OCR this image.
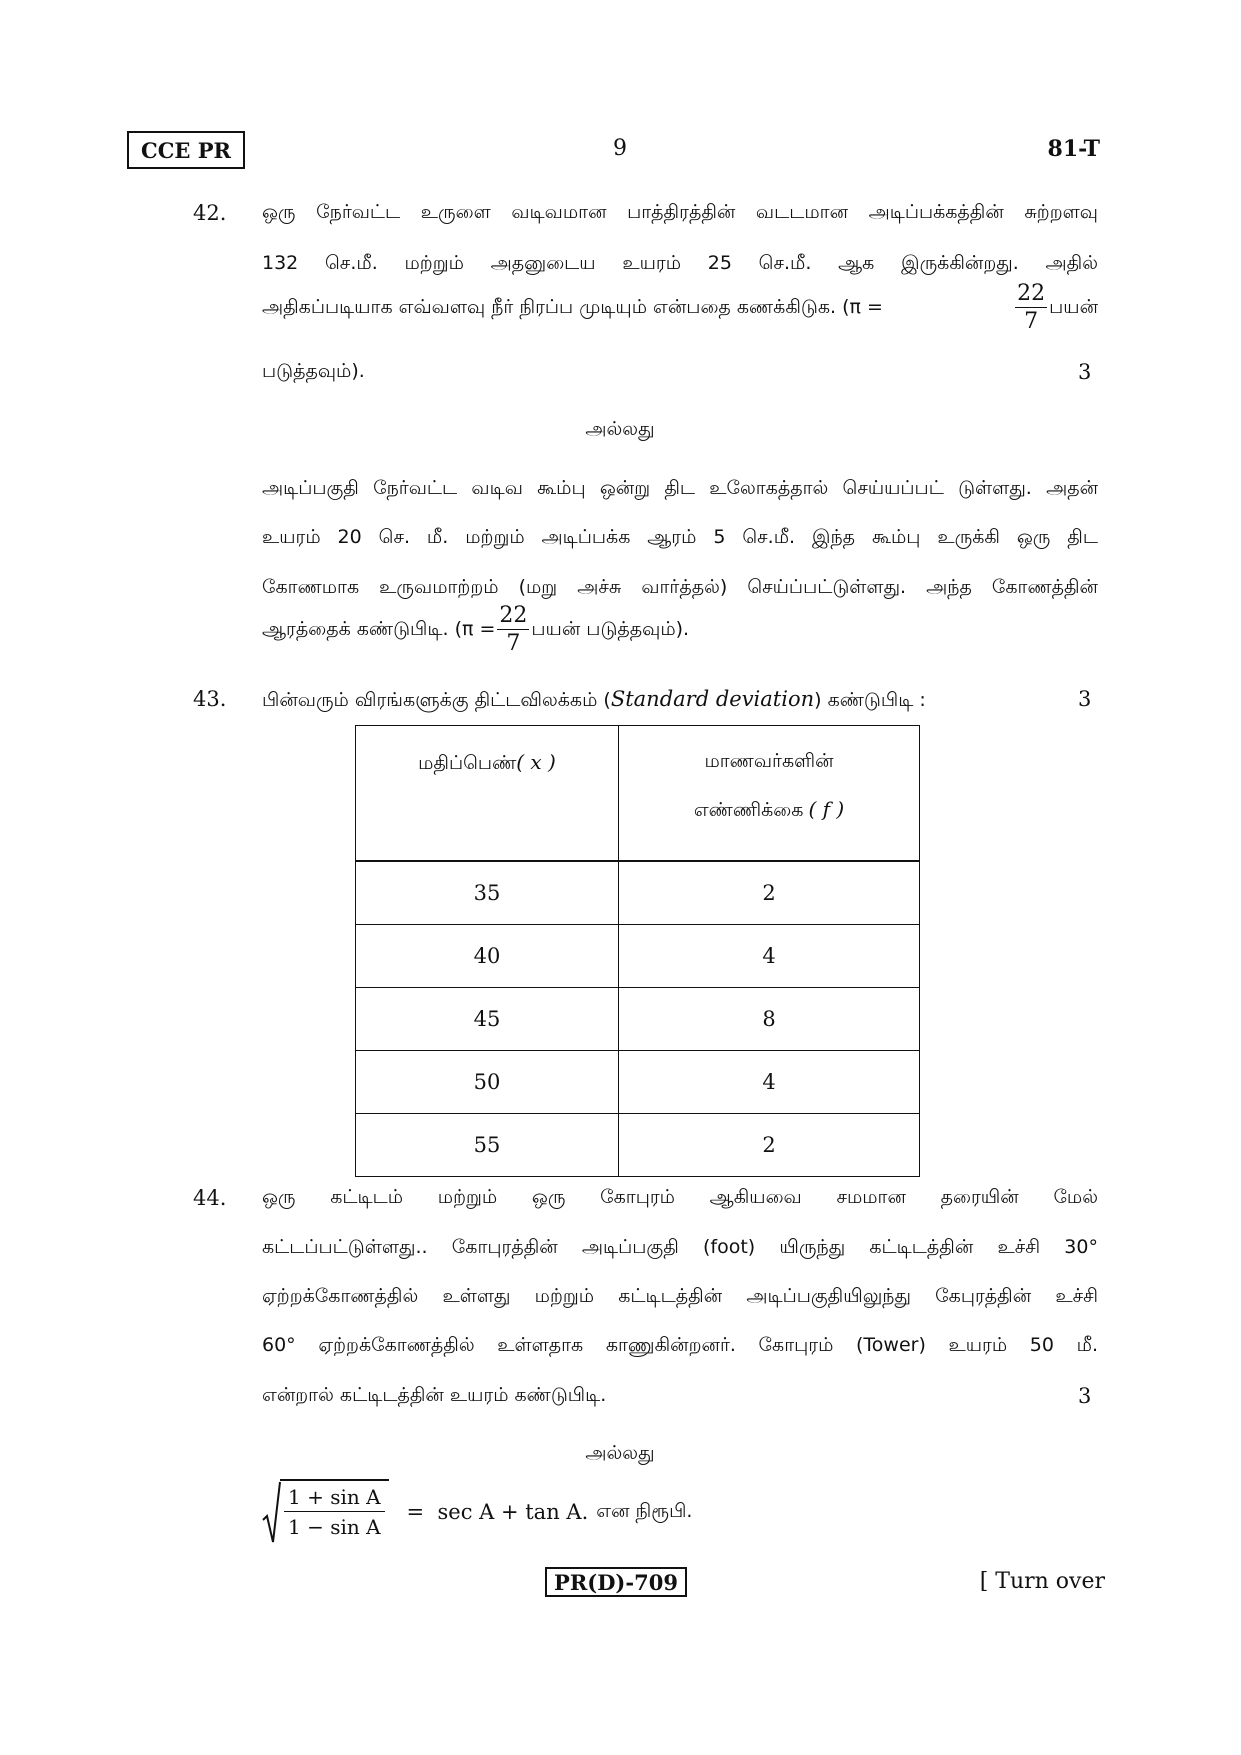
CCE PR	9	81-T
42. ஒரு நேர்வட்ட உருளை வடிவமான பாத்திரத்தின் வடடமான அடிப்பக்கத்தின் சுற்றளவு
132 செ.மீ. மற்றும் அதனுடைய உயரம் 25 செ.மீ. ஆக இருக்கின்றது. அதில்
அதிகப்படியாக எவ்வளவு நீர் நிரப்ப முடியும் என்பதை கணக்கிடுக. (π =	$\frac{22}{7}$ பயன்
படுத்தவும்).	3
அல்லது
அடிப்பகுதி நேர்வட்ட வடிவ கூம்பு ஒன்று திட உலோகத்தால் செய்யப்பட் டுள்ளது. அதன்
உயரம் 20 செ. மீ. மற்றும் அடிப்பக்க ஆரம் 5 செ.மீ. இந்த கூம்பு உருக்கி ஒரு திட
கோணமாக உருவமாற்றம் (மறு அச்சு வார்த்தல்) செய்ப்பட்டுள்ளது. அந்த கோணத்தின்
ஆரத்தைக் கண்டுபிடி. ($\pi = \frac{22}{7}$ பயன் படுத்தவும்).
43. பின்வரும் விரங்களுக்கு திட்டவிலக்கம் (Standard deviation) கண்டுபிடி :	3
மதிப்பெண்( x )	மாணவர்களின்
எண்ணிக்கை ( f )

35	2
40	4
45	8
50	4
55	2
44. ஒரு கட்டிடம் மற்றும் ஒரு கோபுரம் ஆகியவை சமமான தரையின் மேல்
கட்டப்பட்டுள்ளது.. கோபுரத்தின் அடிப்பகுதி (foot) யிருந்து கட்டிடத்தின் உச்சி 30°
ஏற்றக்கோணத்தில் உள்ளது மற்றும் கட்டிடத்தின் அடிப்பகுதியிலுந்து கேபுரத்தின் உச்சி
60° ஏற்றக்கோணத்தில் உள்ளதாக காணுகின்றனர். கோபுரம் (Tower) உயரம் 50 மீ.
என்றால் கட்டிடத்தின் உயரம் கண்டுபிடி.	3
அல்லது
1 + sin A
1 − sin A
=  sec A + tan A. என நிரூபி.
PR(D)-709	[ Turn over
